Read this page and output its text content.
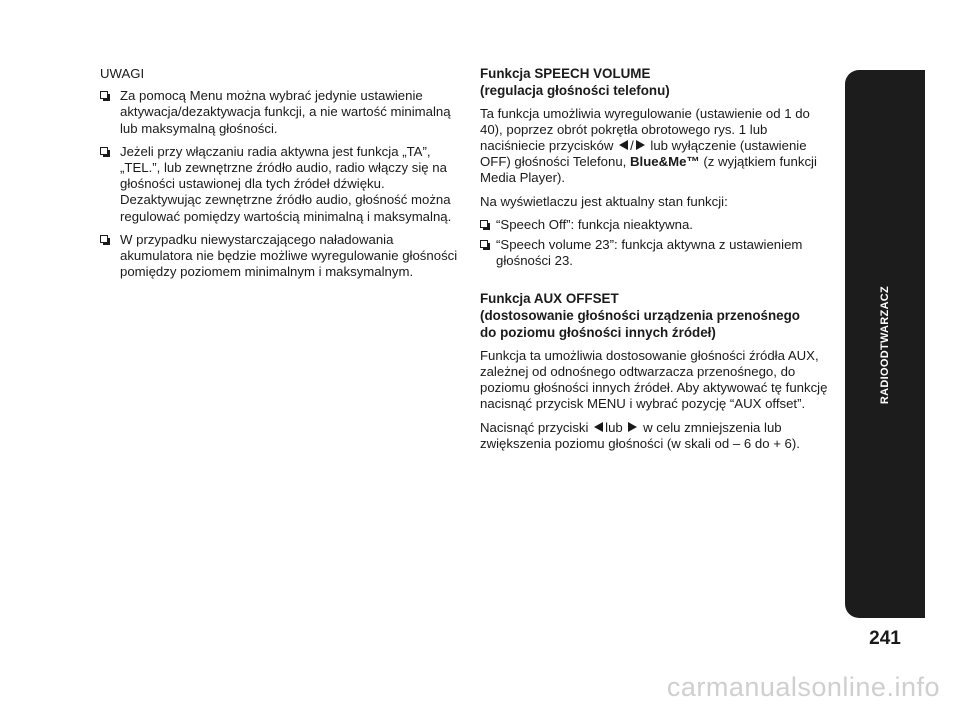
UWAGI

Za pomocą Menu można wybrać jedynie ustawienie aktywacja/dezaktywacja funkcji, a nie wartość minimalną lub maksymalną głośności.
Jeżeli przy włączaniu radia aktywna jest funkcja „TA”, „TEL.”, lub zewnętrzne źródło audio, radio włączy się na głośności ustawionej dla tych źródeł dźwięku. Dezaktywując zewnętrzne źródło audio, głośność można regulować pomiędzy wartością minimalną i maksymalną.
W przypadku niewystarczającego naładowania akumulatora nie będzie możliwe wyregulowanie głośności pomiędzy poziomem minimalnym i maksymalnym.

Funkcja SPEECH VOLUME

(regulacja głośności telefonu)

Ta funkcja umożliwia wyregulowanie (ustawienie od 1 do 40), poprzez obrót pokrętła obrotowego rys. 1 lub naciśniecie przycisków / lub wyłączenie (ustawienie OFF) głośności Telefonu, Blue&Me™ (z wyjątkiem funkcji Media Player).

Na wyświetlaczu jest aktualny stan funkcji:

“Speech Off”: funkcja nieaktywna.
“Speech volume 23”: funkcja aktywna z ustawieniem głośności 23.

Funkcja AUX OFFSET

(dostosowanie głośności urządzenia przenośnego

do poziomu głośności innych źródeł)

Funkcja ta umożliwia dostosowanie głośności źródła AUX, zależnej od odnośnego odtwarzacza przenośnego, do poziomu głośności innych źródeł. Aby aktywować tę funkcję nacisnąć przycisk MENU i wybrać pozycję “AUX offset”.

Nacisnąć przyciski lub w celu zmniejszenia lub zwiększenia poziomu głośności (w skali od – 6 do + 6).

RADIOODTWARZACZ
241
carmanualsonline.info
